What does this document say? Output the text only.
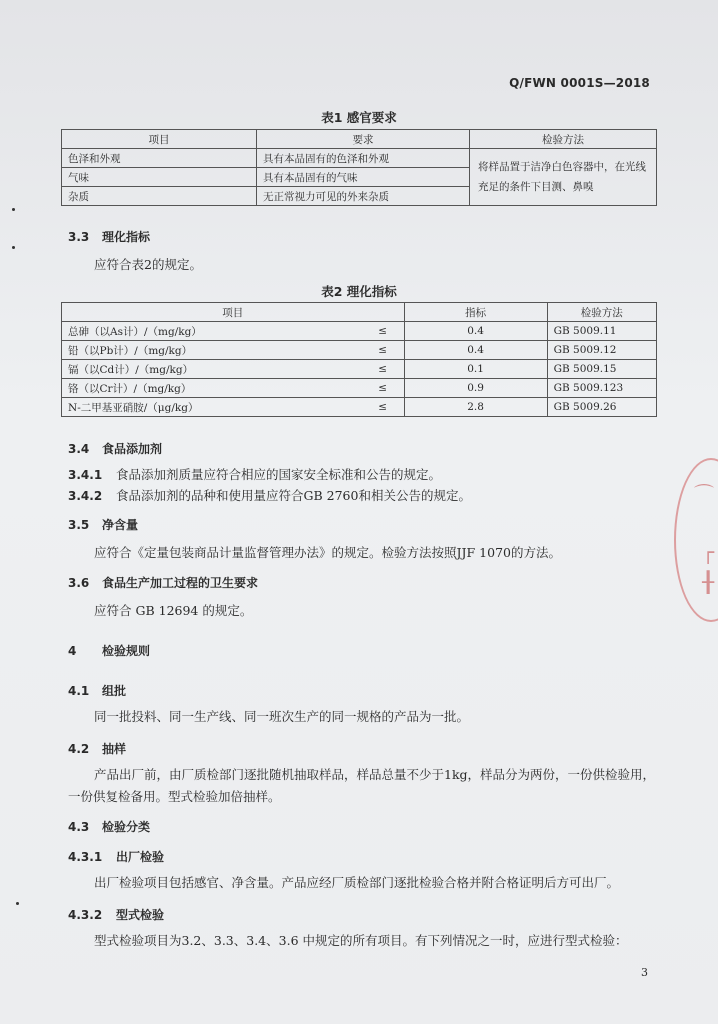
Q/FWN 0001S—2018
表1 感官要求
项目	要求	检验方法
色泽和外观	具有本品固有的色泽和外观	将样品置于洁净白色容器中，在光线充足的条件下目测、鼻嗅
气味	具有本品固有的气味	
杂质	无正常视力可见的外来杂质	
3.3 理化指标
应符合表2的规定。
表2 理化指标
项目		指标	检验方法
总砷（以As计）/（mg/kg）	≤	0.4	GB 5009.11
铅（以Pb计）/（mg/kg）	≤	0.4	GB 5009.12
镉（以Cd计）/（mg/kg）	≤	0.1	GB 5009.15
铬（以Cr计）/（mg/kg）	≤	0.9	GB 5009.123
N-二甲基亚硝胺/（μg/kg）	≤	2.8	GB 5009.26
3.4 食品添加剂
3.4.1 食品添加剂质量应符合相应的国家安全标准和公告的规定。
3.4.2 食品添加剂的品种和使用量应符合GB 2760和相关公告的规定。
3.5 净含量
应符合《定量包装商品计量监督管理办法》的规定。检验方法按照JJF 1070的方法。
3.6 食品生产加工过程的卫生要求
应符合 GB 12694 的规定。
4 检验规则
4.1 组批
同一批投料、同一生产线、同一班次生产的同一规格的产品为一批。
4.2 抽样
产品出厂前，由厂质检部门逐批随机抽取样品，样品总量不少于1kg，样品分为两份，一份供检验用，一份供复检备用。型式检验加倍抽样。
4.3 检验分类
4.3.1 出厂检验
出厂检验项目包括感官、净含量。产品应经厂质检部门逐批检验合格并附合格证明后方可出厂。
4.3.2 型式检验
型式检验项目为3.2、3.3、3.4、3.6 中规定的所有项目。有下列情况之一时，应进行型式检验：
3
⌒
┌
╂
